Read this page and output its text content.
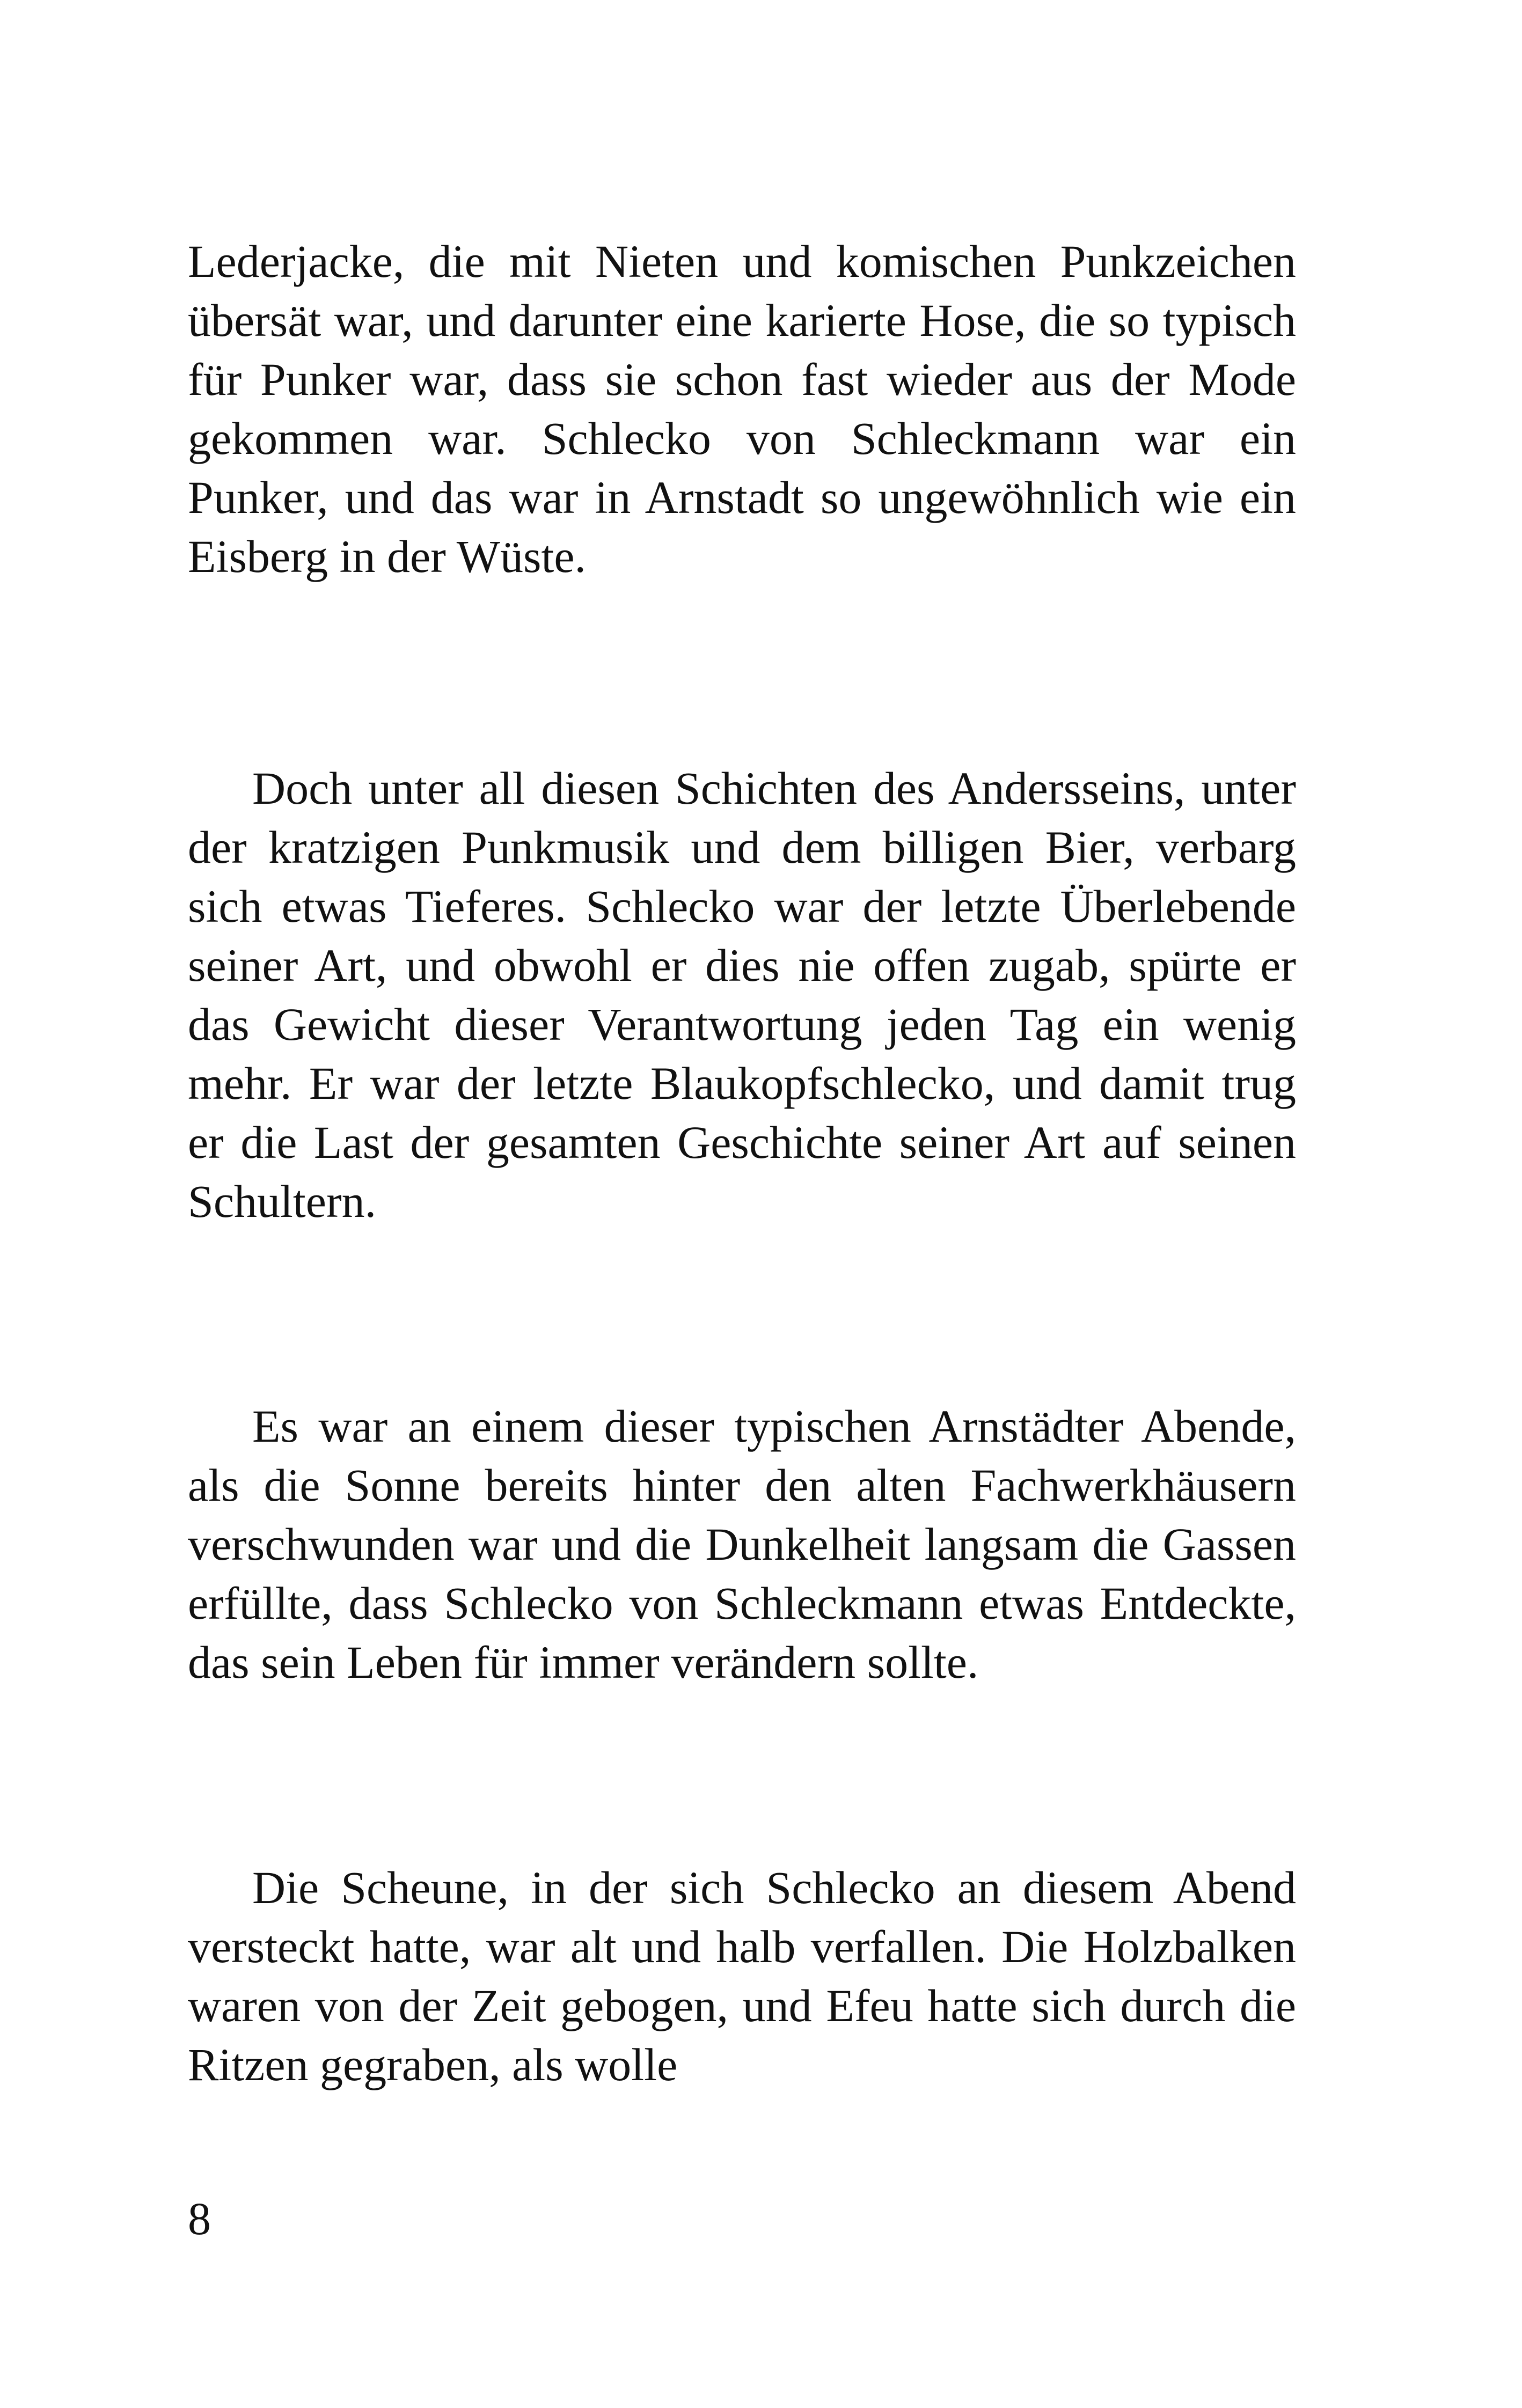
Lederjacke, die mit Nieten und komischen Punkzeichen übersät war, und darunter eine karierte Hose, die so typisch für Punker war, dass sie schon fast wieder aus der Mode gekommen war. Schlecko von Schleckmann war ein Punker, und das war in Arnstadt so ungewöhnlich wie ein Eisberg in der Wüste.

Doch unter all diesen Schichten des Andersseins, unter der kratzigen Punkmusik und dem billigen Bier, verbarg sich etwas Tieferes. Schlecko war der letzte Überlebende seiner Art, und obwohl er dies nie offen zugab, spürte er das Gewicht dieser Verantwortung jeden Tag ein wenig mehr. Er war der letzte Blaukopfschlecko, und damit trug er die Last der gesamten Geschichte seiner Art auf seinen Schultern.

Es war an einem dieser typischen Arnstädter Abende, als die Sonne bereits hinter den alten Fachwerkhäusern verschwunden war und die Dunkelheit langsam die Gassen erfüllte, dass Schlecko von Schleckmann etwas Entdeckte, das sein Leben für immer verändern sollte.

Die Scheune, in der sich Schlecko an diesem Abend versteckt hatte, war alt und halb verfallen. Die Holzbalken waren von der Zeit gebogen, und Efeu hatte sich durch die Ritzen gegraben, als wolle

8
